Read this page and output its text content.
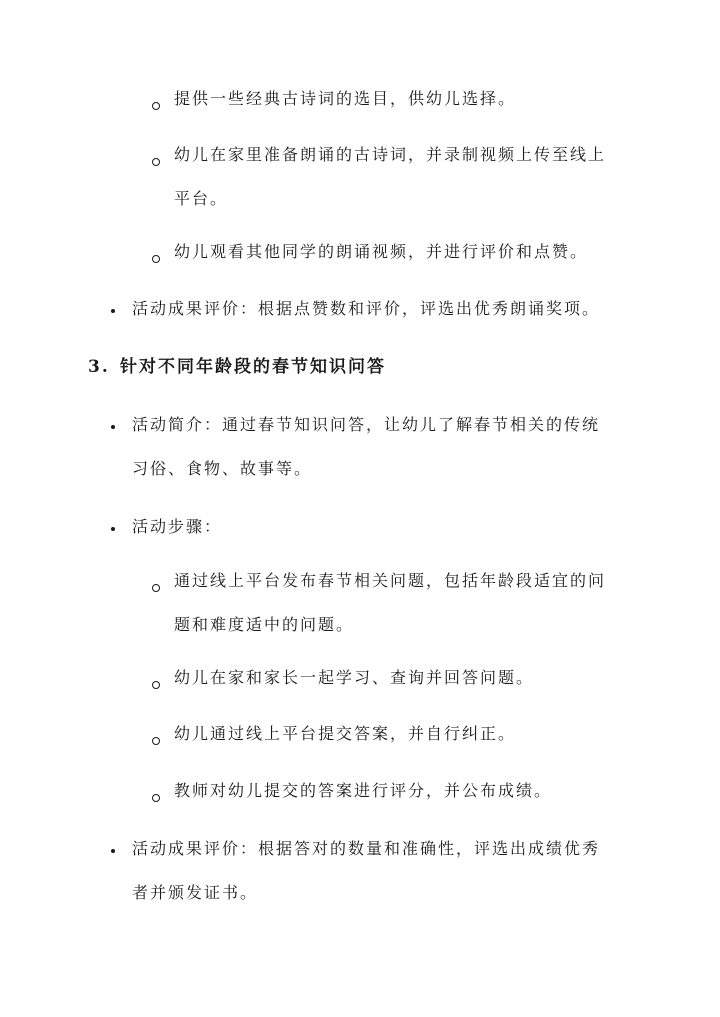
提供一些经典古诗词的选目，供幼儿选择。
幼儿在家里准备朗诵的古诗词，并录制视频上传至线上
平台。
幼儿观看其他同学的朗诵视频，并进行评价和点赞。
活动成果评价：根据点赞数和评价，评选出优秀朗诵奖项。
3. 针对不同年龄段的春节知识问答
活动简介：通过春节知识问答，让幼儿了解春节相关的传统
习俗、食物、故事等。
活动步骤：
通过线上平台发布春节相关问题，包括年龄段适宜的问
题和难度适中的问题。
幼儿在家和家长一起学习、查询并回答问题。
幼儿通过线上平台提交答案，并自行纠正。
教师对幼儿提交的答案进行评分，并公布成绩。
活动成果评价：根据答对的数量和准确性，评选出成绩优秀
者并颁发证书。
